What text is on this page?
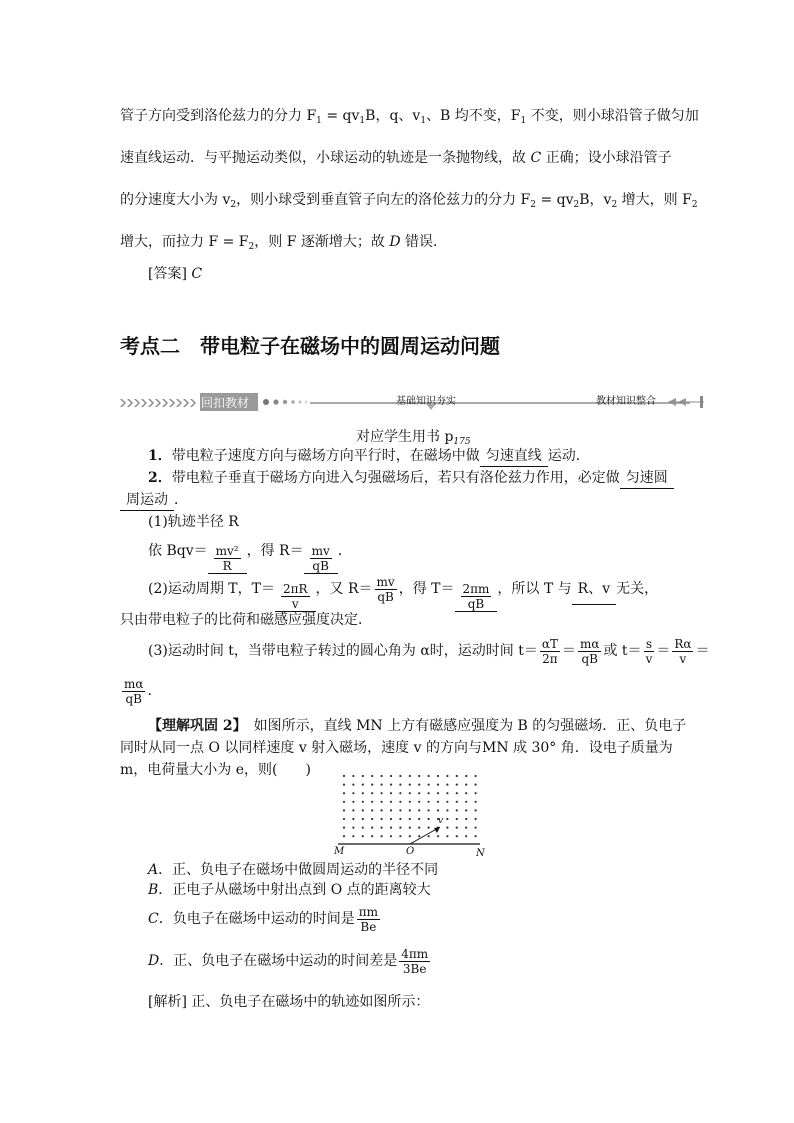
管子方向受到洛伦兹力的分力 $F_1 = qv_1B$，q、$v_1$、B 均不变，$F_1$ 不变，则小球沿管子做匀加
速直线运动．与平抛运动类似，小球运动的轨迹是一条抛物线，故 C 正确；设小球沿管子
的分速度大小为 $v_2$，则小球受到垂直管子向左的洛伦兹力的分力 $F_2 = qv_2B$，$v_2$ 增大，则 $F_2$
增大，而拉力 $F = F_2$，则 F 逐渐增大；故 D 错误．
[答案] C
考点二　带电粒子在磁场中的圆周运动问题
回扣教材	基础知识夯实	教材知识整合
对应学生用书 $p_{175}$
1．带电粒子速度方向与磁场方向平行时，在磁场中做 匀速直线 运动．
2．带电粒子垂直于磁场方向进入匀强磁场后，若只有洛伦兹力作用，必定做 匀速圆
周运动 ．
(1)轨迹半径 R
依 $Bqv= \frac{\text{mv²}}{R}$ ，得 $R= \frac{mv}{qB}$ ．
(2)运动周期 T，$T= \frac{2\pi R}{v}$ ，又 $R= \frac{mv}{qB}$ ，得 $T= \frac{2\pi m}{qB}$ ，所以 T 与 R、v 无关，
只由带电粒子的比荷和磁感应强度决定．
(3)运动时间 t，当带电粒子转过的圆心角为 α时，运动时间 $t= \frac{\alpha T}{2\pi} = \frac{m\alpha}{qB}$ 或 $t= \frac{s}{v} = \frac{R\alpha}{v}$ ＝
$\frac{m\alpha}{qB}$ ．
【理解巩固 2】　 如图所示，直线 MN 上方有磁感应强度为 B 的匀强磁场．正、负电子
同时从同一点 O 以同样速度 v 射入磁场，速度 v 的方向与MN 成 30° 角．设电子质量为
m，电荷量大小为 e，则(　　)
M	O	N
v
A．正、负电子在磁场中做圆周运动的半径不同
B．正电子从磁场中射出点到 O 点的距离较大
C．负电子在磁场中运动的时间是 $\frac{\pi m}{Be}$
D．正、负电子在磁场中运动的时间差是 $\frac{4\pi m}{3Be}$
[解析] 正、负电子在磁场中的轨迹如图所示：
